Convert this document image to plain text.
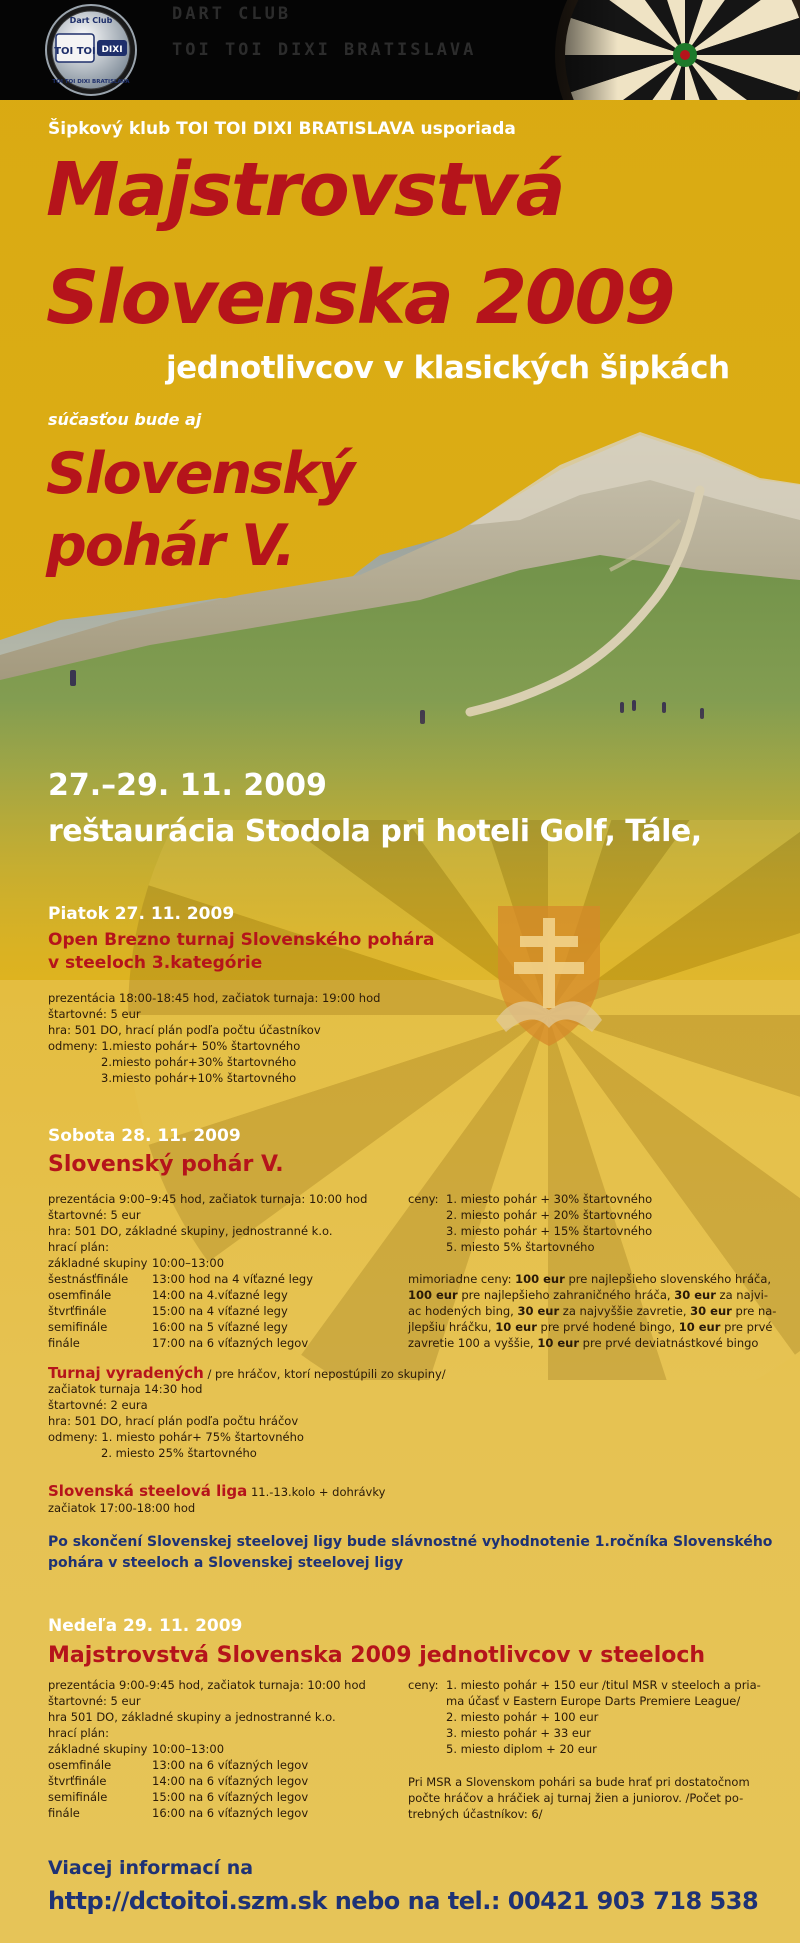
Dart Club
TOI TOI DIXI
TOI TOI DIXI BRATISLAVA
DART CLUB
TOI TOI DIXI BRATISLAVA
Šipkový klub TOI TOI DIXI BRATISLAVA usporiada
Majstrovstvá
Slovenska 2009
jednotlivcov v klasických šipkách
súčasťou bude aj
Slovenský
pohár V.
27.–29. 11. 2009
reštaurácia Stodola pri hoteli Golf, Tále,
Piatok 27. 11. 2009
Open Brezno turnaj Slovenského pohára
v steeloch 3.kategórie
prezentácia 18:00-18:45 hod, začiatok turnaja: 19:00 hod
štartovné: 5 eur
hra: 501 DO, hrací plán podľa počtu účastníkov
odmeny: 1.miesto pohár+ 50% štartovného
2.miesto pohár+30% štartovného
3.miesto pohár+10% štartovného
Sobota 28. 11. 2009
Slovenský pohár V.
prezentácia 9:00–9:45 hod, začiatok turnaja: 10:00 hod
štartovné: 5 eur
hra: 501 DO, základné skupiny, jednostranné k.o.
hrací plán:
základné skupiny	10:00–13:00
šestnásťfinále	13:00 hod na 4 víťazné legy
osemfinále	14:00 na 4.víťazné legy
štvrťfinále	15:00 na 4 víťazné legy
semifinále	16:00 na 5 víťazné legy
finále	17:00 na 6 víťazných legov
ceny:	1. miesto pohár + 30% štartovného
	2. miesto pohár + 20% štartovného
	3. miesto pohár + 15% štartovného
	5. miesto 5% štartovného
mimoriadne ceny: 100 eur pre najlepšieho slovenského hráča,
100 eur pre najlepšieho zahraničného hráča, 30 eur za najvi-
ac hodených bing, 30 eur za najvyššie zavretie, 30 eur pre na-
jlepšiu hráčku, 10 eur pre prvé hodené bingo, 10 eur pre prvé
zavretie 100 a vyššie, 10 eur pre prvé deviatnástkové bingo
Turnaj vyradených / pre hráčov, ktorí nepostúpili zo skupiny/
začiatok turnaja 14:30 hod
štartovné: 2 eura
hra: 501 DO, hrací plán podľa počtu hráčov
odmeny: 1. miesto pohár+ 75% štartovného
2. miesto 25% štartovného
Slovenská steelová liga 11.-13.kolo + dohrávky
začiatok 17:00-18:00 hod
Po skončení Slovenskej steelovej ligy bude slávnostné vyhodnotenie 1.ročníka Slovenského
pohára v steeloch a Slovenskej steelovej ligy
Nedeľa 29. 11. 2009
Majstrovstvá Slovenska 2009 jednotlivcov v steeloch
prezentácia 9:00-9:45 hod, začiatok turnaja: 10:00 hod
štartovné: 5 eur
hra 501 DO, základné skupiny a jednostranné k.o.
hrací plán:
základné skupiny	10:00–13:00
osemfinále	13:00 na 6 víťazných legov
štvrťfinále	14:00 na 6 víťazných legov
semifinále	15:00 na 6 víťazných legov
finále	16:00 na 6 víťazných legov
ceny:	1. miesto pohár + 150 eur /titul MSR v steeloch a pria-
	ma účasť v Eastern Europe Darts Premiere League/
	2. miesto pohár + 100 eur
	3. miesto pohár + 33 eur
	5. miesto diplom + 20 eur
Pri MSR a Slovenskom pohári sa bude hrať pri dostatočnom
počte hráčov a hráčiek aj turnaj žien a juniorov. /Počet po-
trebných účastníkov: 6/
Viacej informací na
http://dctoitoi.szm.sk nebo na tel.: 00421 903 718 538
